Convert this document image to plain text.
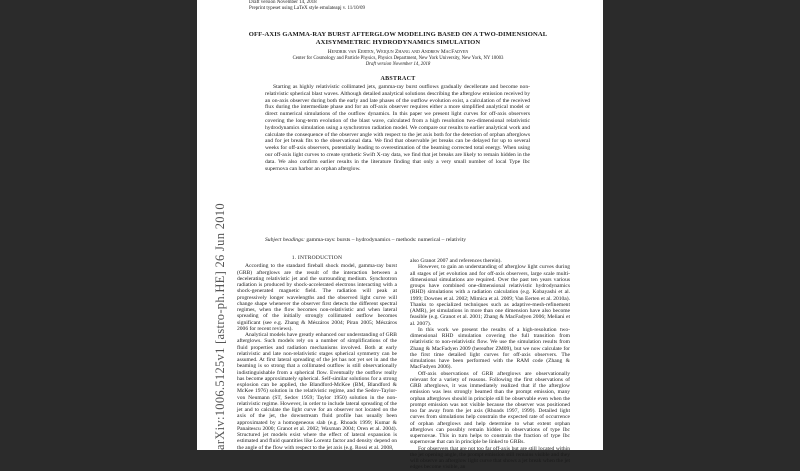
arXiv:1006.5125v1 [astro-ph.HE] 26 Jun 2010
Draft version November 14, 2018
Preprint typeset using LaTeX style emulateapj v. 11/10/09
OFF-AXIS GAMMA-RAY BURST AFTERGLOW MODELING BASED ON A TWO-DIMENSIONAL AXISYMMETRIC HYDRODYNAMICS SIMULATION
Hendrik van Eerten, Weiqun Zhang and Andrew MacFadyen
Center for Cosmology and Particle Physics, Physics Department, New York University, New York, NY 10003
Draft version November 14, 2018
ABSTRACT
Starting as highly relativistic collimated jets, gamma-ray burst outflows gradually decellerate and become non-relativistic spherical blast waves. Although detailed analytical solutions describing the afterglow emission received by an on-axis observer during both the early and late phases of the outflow evolution exist, a calculation of the received flux during the intermediate phase and for an off-axis observer requires either a more simplified analytical model or direct numerical simulations of the outflow dynamics. In this paper we present light curves for off-axis observers covering the long-term evolution of the blast wave, calculated from a high resolution two-dimensional relativistic hydrodynamics simulation using a synchrotron radiation model. We compare our results to earlier analytical work and calculate the consequence of the observer angle with respect to the jet axis both for the detection of orphan afterglows and for jet break fits to the observational data. We find that observable jet breaks can be delayed for up to several weeks for off-axis observers, potentially leading to overestimation of the beaming corrected total energy. When using our off-axis light curves to create synthetic Swift X-ray data, we find that jet breaks are likely to remain hidden in the data. We also confirm earlier results in the literature finding that only a very small number of local Type Ibc supernova can harbor an orphan afterglow.
Subject headings: gamma-rays: bursts – hydrodynamics – methods: numerical – relativity
1. INTRODUCTION

According to the standard fireball shock model, gamma-ray burst (GRB) afterglows are the result of the interaction between a decelerating relativistic jet and the surrounding medium. Synchrotron radiation is produced by shock-accelerated electrons interacting with a shock-generated magnetic field. The radiation will peak at progressively longer wavelengths and the observed light curve will change shape whenever the observer first detects the different spectral regimes, when the flow becomes non-relativistic and when lateral spreading of the initially strongly collimated outflow becomes significant (see e.g. Zhang & Mészáros 2004; Piran 2005; Mészáros 2006 for recent reviews).

Analytical models have greatly enhanced our understanding of GRB afterglows. Such models rely on a number of simplifications of the fluid properties and radiation mechanisms involved. Both at early relativistic and late non-relativistic stages spherical symmetry can be assumed. At first lateral spreading of the jet has not yet set in and the beaming is so strong that a collimated outflow is still observationally indistinguishable from a spherical flow. Eventually the outflow really has become approximately spherical. Self-similar solutions for a strong explosion can be applied, the Blandford-McKee (BM, Blandford & McKee 1976) solution in the relativistic regime, and the Sedov-Taylor-von Neumann (ST, Sedov 1959; Taylor 1950) solution in the non-relativistic regime. However, in order to include lateral spreading of the jet and to calculate the light curve for an observer not located on the axis of the jet, the downstream fluid profile has usually been approximated by a homogeneous slab (e.g. Rhoads 1999; Kumar & Panaitescu 2000; Granot et al. 2002; Waxman 2004; Oren et al. 2004). Structured jet models exist where the effect of lateral expansion is estimated and fluid quantities like Lorentz factor and density depend on the angle of the flow with respect to the jet axis (e.g. Rossi et al. 2008,

also Granot 2007 and references therein).

However, to gain an understanding of afterglow light curves during all stages of jet evolution and for off-axis observers, large scale multi-dimensional simulations are required. Over the past ten years various groups have combined one-dimensional relativistic hydrodynamics (RHD) simulations with a radiation calculation (e.g. Kobayashi et al. 1999; Downes et al. 2002; Mimica et al. 2009; Van Eerten et al. 2010a). Thanks to specialized techniques such as adaptive-mesh-refinement (AMR), jet simulations in more than one dimension have also become feasible (e.g. Granot et al. 2001; Zhang & MacFadyen 2006; Meliani et al. 2007).

In this work we present the results of a high-resolution two-dimensional RHD simulation covering the full transition from relativistic to non-relativistic flow. We use the simulation results from Zhang & MacFadyen 2009 (hereafter ZM09), but we now calculate for the first time detailed light curves for off-axis observers. The simulations have been performed with the RAM code (Zhang & MacFadyen 2006).

Off-axis observations of GRB afterglows are observationally relevant for a variety of reasons. Following the first observations of GRB afterglows, it was immediately realized that if the afterglow emission was less strongly beamed than the prompt emission, many orphan afterglows should in principle still be observable even when the prompt emission was not visible because the observer was positioned too far away from the jet axis (Rhoads 1997, 1999). Detailed light curves from simulations help constrain the expected rate of occurrence of orphan afterglows and help determine to what extent orphan afterglows can possibly remain hidden in observations of type Ibc supernovae. This in turn helps to constrain the fraction of type Ibc supernovae that can in principle be linked to GRBs.

For observers that are not too far off-axis but are still located within the jet opening angle, the prompt emission still remains visible and they will observe an afterglow light curve that shows a jet break when the jet edges become visible, an
